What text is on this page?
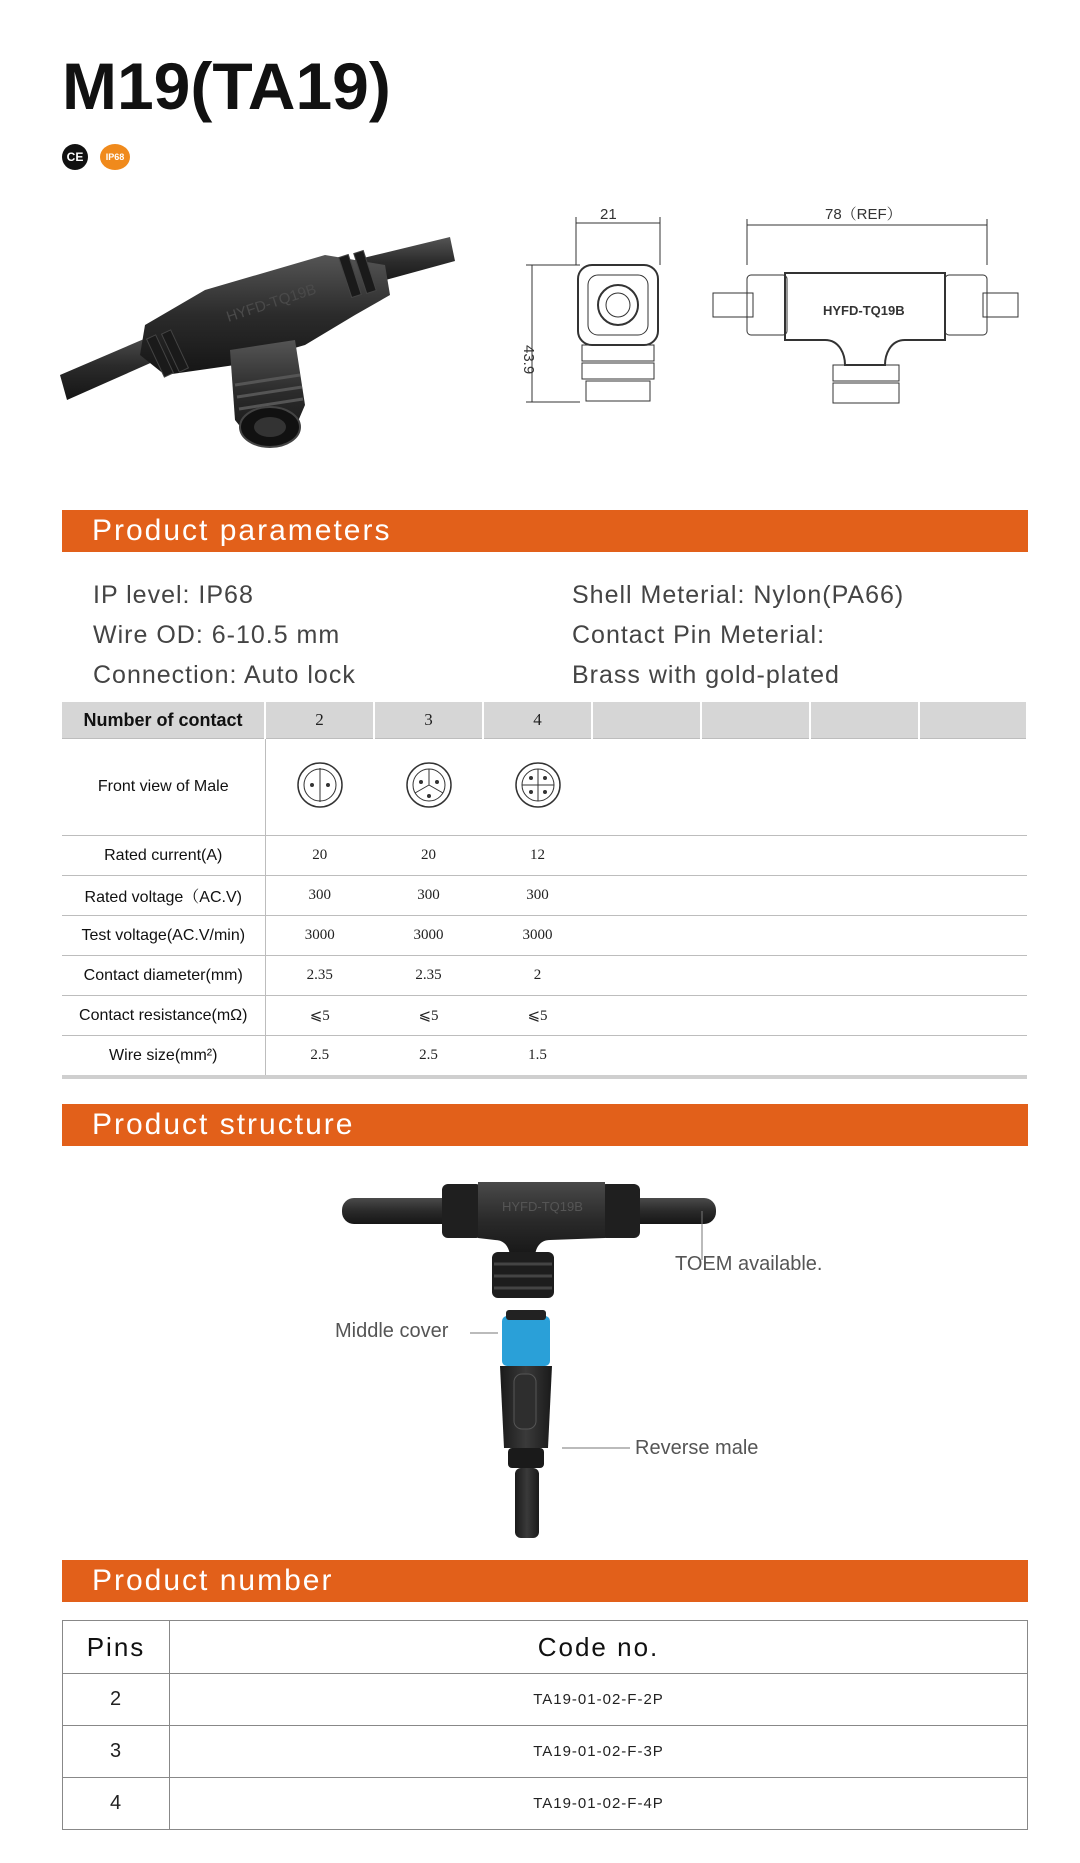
M19(TA19)
CE	IP68
HYFD-TQ19B
21
43.9
78（REF）
HYFD-TQ19B
Product parameters
IP level: IP68
Wire OD: 6-10.5 mm
Connection: Auto lock
Shell Meterial: Nylon(PA66)
Contact Pin Meterial:
Brass with gold-plated
Number of contact	2	3	4				
Front view of Male				
Rated current(A)	20	20	12				
Rated voltage（AC.V)	300	300	300				
Test voltage(AC.V/min)	3000	3000	3000				
Contact diameter(mm)	2.35	2.35	2				
Contact resistance(mΩ)	⩽5	⩽5	⩽5				
Wire size(mm²)	2.5	2.5	1.5				
Product structure
HYFD-TQ19B
TOEM available.
Middle cover
Reverse male
Product number
Pins	Code no.
2	TA19-01-02-F-2P
3	TA19-01-02-F-3P
4	TA19-01-02-F-4P
